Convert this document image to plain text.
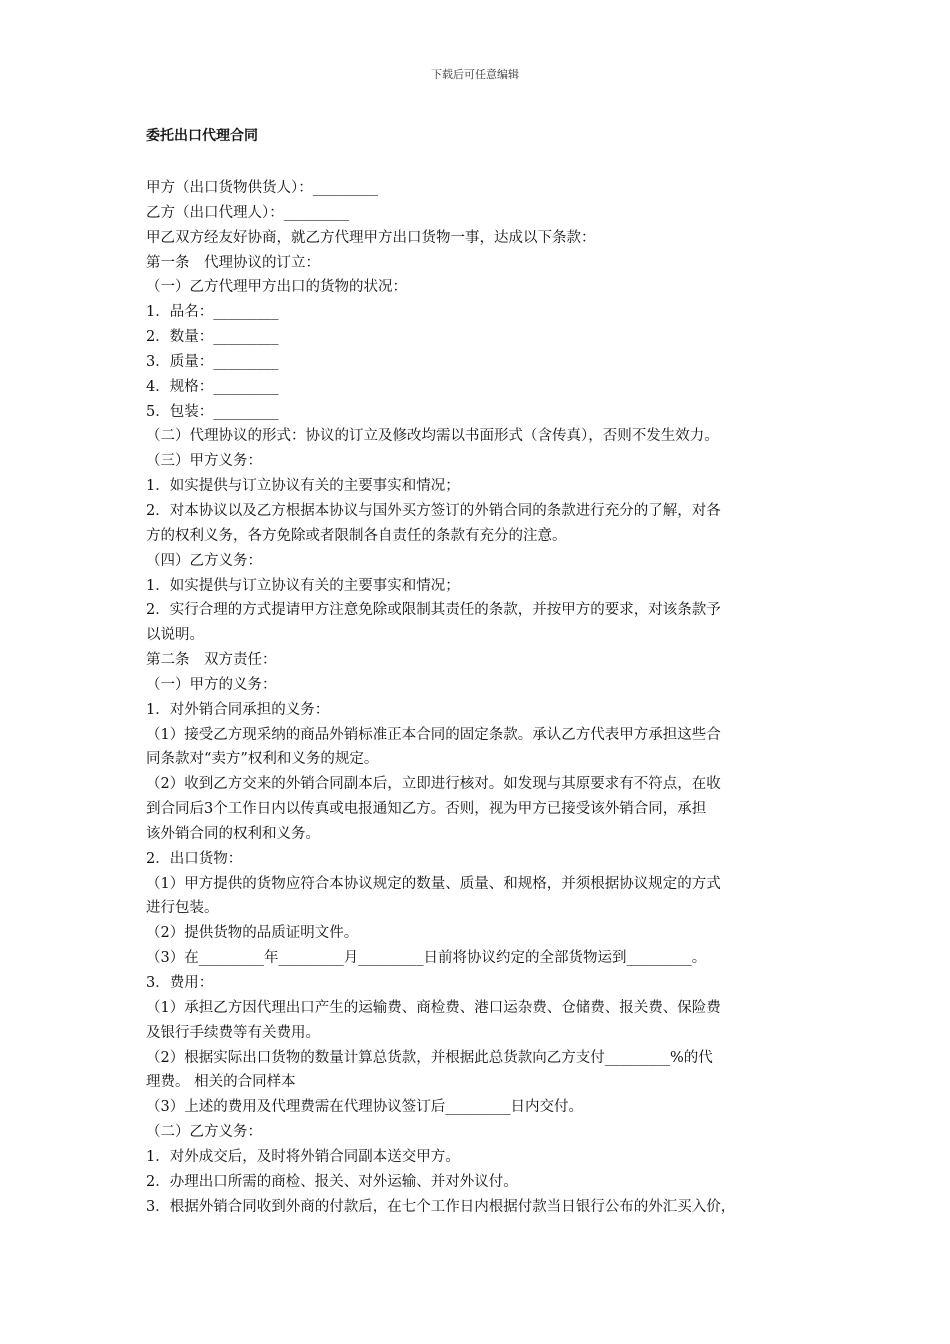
下载后可任意编辑
委托出口代理合同
甲方（出口货物供货人）：_________
乙方（出口代理人）：_________
甲乙双方经友好协商，就乙方代理甲方出口货物一事，达成以下条款：
第一条　代理协议的订立：
（一）乙方代理甲方出口的货物的状况：
1．品名：_________
2．数量：_________
3．质量：_________
4．规格：_________
5．包装：_________
（二）代理协议的形式：协议的订立及修改均需以书面形式（含传真），否则不发生效力。
（三）甲方义务：
1．如实提供与订立协议有关的主要事实和情况；
2．对本协议以及乙方根据本协议与国外买方签订的外销合同的条款进行充分的了解，对各
方的权利义务，各方免除或者限制各自责任的条款有充分的注意。
（四）乙方义务：
1．如实提供与订立协议有关的主要事实和情况；
2．实行合理的方式提请甲方注意免除或限制其责任的条款，并按甲方的要求，对该条款予
以说明。
第二条　双方责任：
（一）甲方的义务：
1．对外销合同承担的义务：
（1）接受乙方现采纳的商品外销标准正本合同的固定条款。承认乙方代表甲方承担这些合
同条款对“卖方”权利和义务的规定。
（2）收到乙方交来的外销合同副本后，立即进行核对。如发现与其原要求有不符点，在收
到合同后3个工作日内以传真或电报通知乙方。否则，视为甲方已接受该外销合同，承担
该外销合同的权利和义务。
2．出口货物：
（1）甲方提供的货物应符合本协议规定的数量、质量、和规格，并须根据协议规定的方式
进行包装。
（2）提供货物的品质证明文件。
（3）在_________年_________月_________日前将协议约定的全部货物运到_________。
3．费用：
（1）承担乙方因代理出口产生的运输费、商检费、港口运杂费、仓储费、报关费、保险费
及银行手续费等有关费用。
（2）根据实际出口货物的数量计算总货款，并根据此总货款向乙方支付_________%的代
理费。 相关的合同样本
（3）上述的费用及代理费需在代理协议签订后_________日内交付。
（二）乙方义务：
1．对外成交后，及时将外销合同副本送交甲方。
2．办理出口所需的商检、报关、对外运输、并对外议付。
3．根据外销合同收到外商的付款后，在七个工作日内根据付款当日银行公布的外汇买入价，
